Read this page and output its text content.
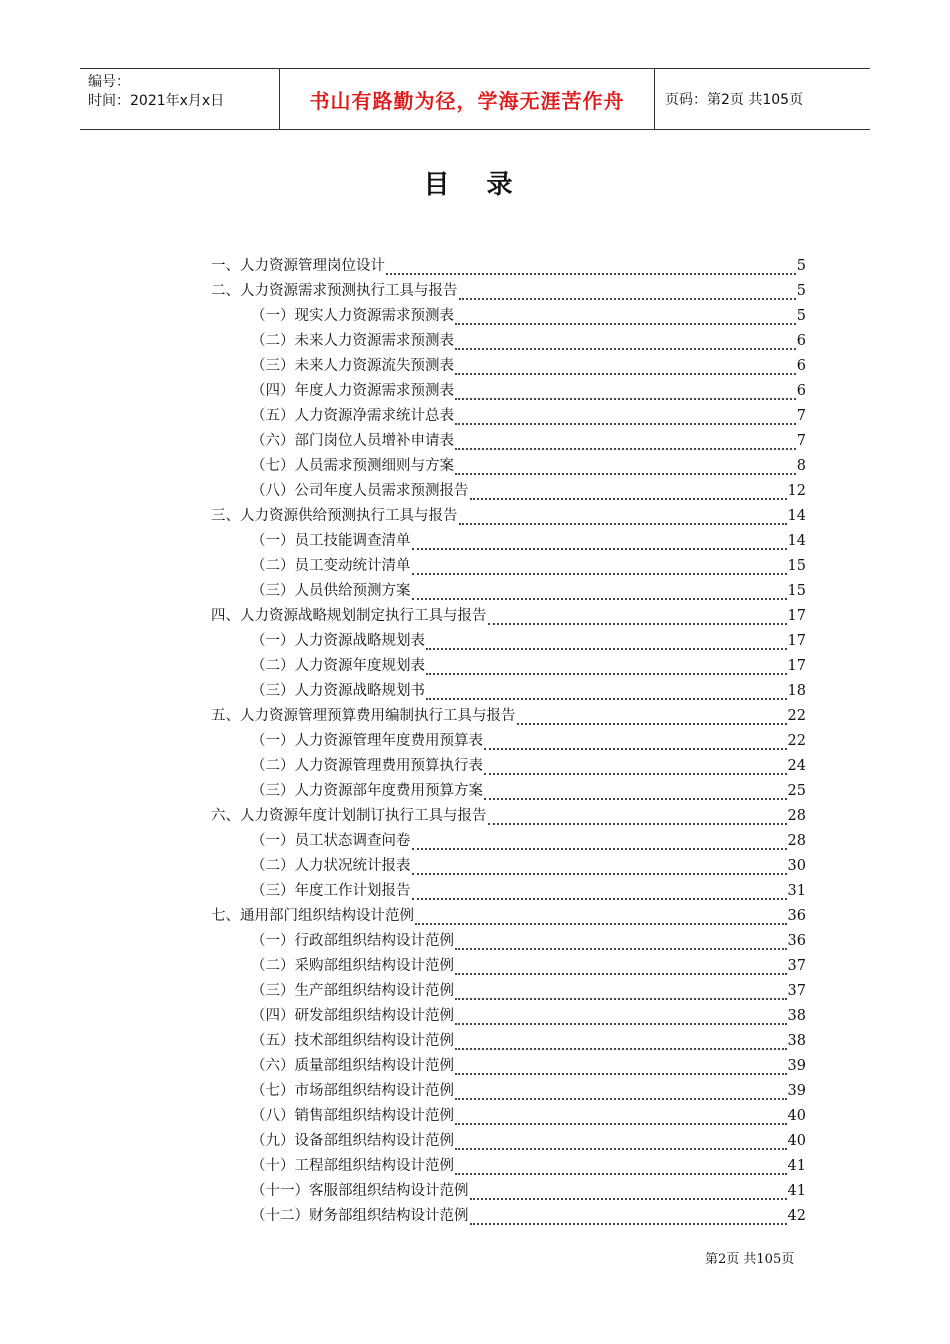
编号：
时间：2021年x月x日	书山有路勤为径，学海无涯苦作舟	页码：第2页 共105页
目 录
一、人力资源管理岗位设计	5
二、人力资源需求预测执行工具与报告	5
（一）现实人力资源需求预测表	5
（二）未来人力资源需求预测表	6
（三）未来人力资源流失预测表	6
（四）年度人力资源需求预测表	6
（五）人力资源净需求统计总表	7
（六）部门岗位人员增补申请表	7
（七）人员需求预测细则与方案	8
（八）公司年度人员需求预测报告	12
三、人力资源供给预测执行工具与报告	14
（一）员工技能调查清单	14
（二）员工变动统计清单	15
（三）人员供给预测方案	15
四、人力资源战略规划制定执行工具与报告	17
（一）人力资源战略规划表	17
（二）人力资源年度规划表	17
（三）人力资源战略规划书	18
五、人力资源管理预算费用编制执行工具与报告	22
（一）人力资源管理年度费用预算表	22
（二）人力资源管理费用预算执行表	24
（三）人力资源部年度费用预算方案	25
六、人力资源年度计划制订执行工具与报告	28
（一）员工状态调查问卷	28
（二）人力状况统计报表	30
（三）年度工作计划报告	31
七、通用部门组织结构设计范例	36
（一）行政部组织结构设计范例	36
（二）采购部组织结构设计范例	37
（三）生产部组织结构设计范例	37
（四）研发部组织结构设计范例	38
（五）技术部组织结构设计范例	38
（六）质量部组织结构设计范例	39
（七）市场部组织结构设计范例	39
（八）销售部组织结构设计范例	40
（九）设备部组织结构设计范例	40
（十）工程部组织结构设计范例	41
（十一）客服部组织结构设计范例	41
（十二）财务部组织结构设计范例	42
第2页 共105页
